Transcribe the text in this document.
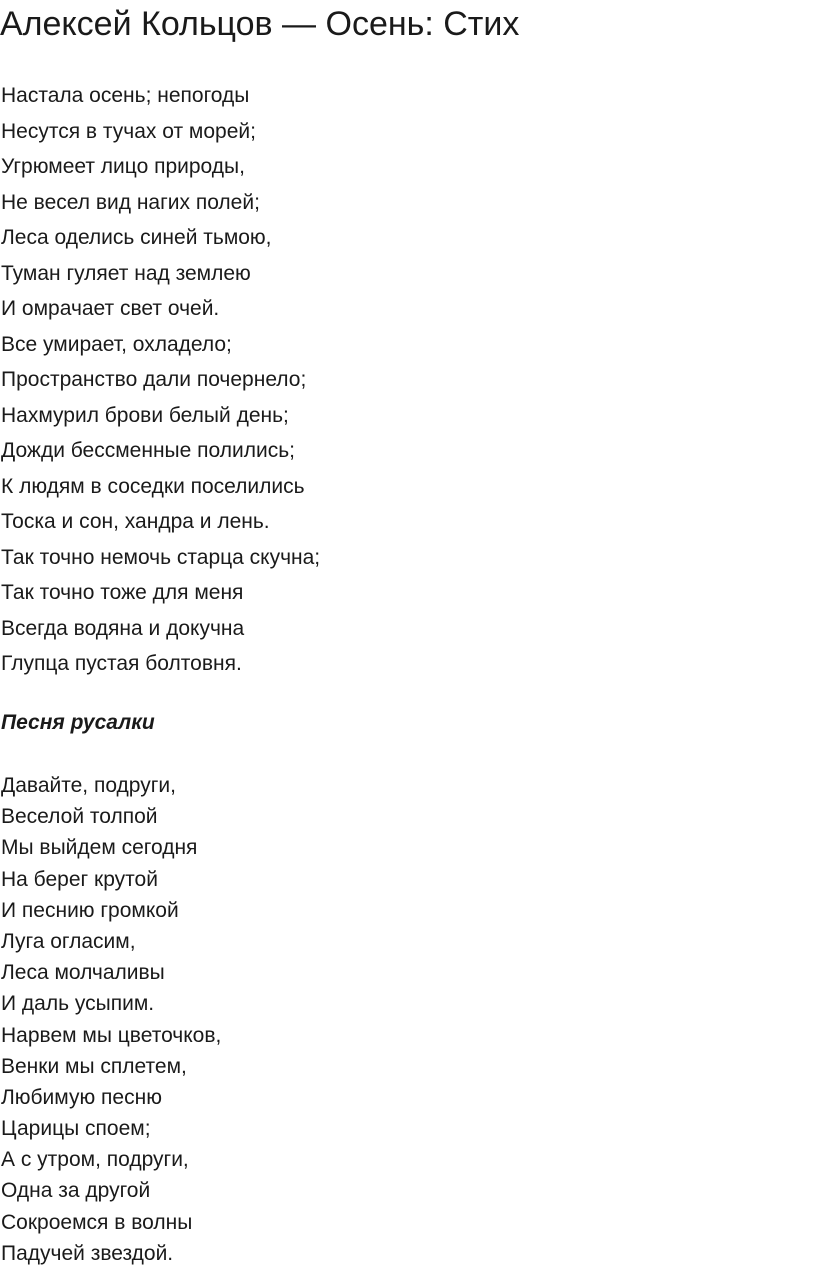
Алексей Кольцов — Осень: Стих
Настала осень; непогоды
Несутся в тучах от морей;
Угрюмеет лицо природы,
Не весел вид нагих полей;
Леса оделись синей тьмою,
Туман гуляет над землею
И омрачает свет очей.
Все умирает, охладело;
Пространство дали почернело;
Нахмурил брови белый день;
Дожди бессменные полились;
К людям в соседки поселились
Тоска и сон, хандра и лень.
Так точно немочь старца скучна;
Так точно тоже для меня
Всегда водяна и докучна
Глупца пустая болтовня.
Песня русалки
Давайте, подруги,
Веселой толпой
Мы выйдем сегодня
На берег крутой
И песнию громкой
Луга огласим,
Леса молчаливы
И даль усыпим.
Нарвем мы цветочков,
Венки мы сплетем,
Любимую песню
Царицы споем;
А с утром, подруги,
Одна за другой
Сокроемся в волны
Падучей звездой.
